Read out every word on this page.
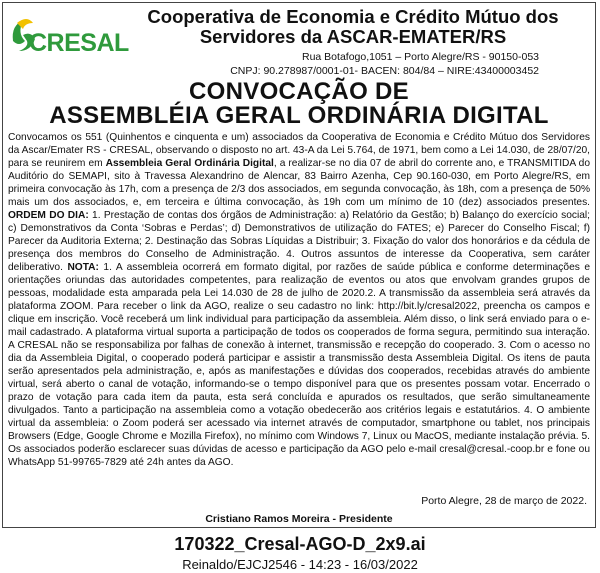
CRESAL

Cooperativa de Economia e Crédito Mútuo dos

Servidores da ASCAR-EMATER/RS

Rua Botafogo,1051 – Porto Alegre/RS - 90150-053
CNPJ: 90.278987/0001-01- BACEN: 804/84 – NIRE:43400003452
CONVOCAÇÃO DE
ASSEMBLÉIA GERAL ORDINÁRIA DIGITAL

Convocamos os 551 (Quinhentos e cinquenta e um) associados da Cooperativa de Economia e Crédito Mútuo dos Servidores da Ascar/Emater RS - CRESAL, observando o disposto no art. 43-A da Lei 5.764, de 1971, bem como a Lei 14.030, de 28/07/20, para se reunirem em Assembleia Geral Ordinária Digital, a realizar-se no dia 07 de abril do corrente ano, e TRANSMITIDA do Auditório do SEMAPI, sito à Travessa Alexandrino de Alencar, 83 Bairro Azenha, Cep 90.160-030, em Porto Alegre/RS, em primeira convocação às 17h, com a presença de 2/3 dos associados, em segunda convocação, às 18h, com a presença de 50% mais um dos associados, e, em terceira e última convocação, às 19h com um mínimo de 10 (dez) associados presentes. ORDEM DO DIA: 1. Prestação de contas dos órgãos de Administração: a) Relatório da Gestão; b) Balanço do exercício social; c) Demonstrativos da Conta ‘Sobras e Perdas’; d) Demonstrativos de utilização do FATES; e) Parecer do Conselho Fiscal; f) Parecer da Auditoria Externa; 2. Destinação das Sobras Líquidas a Distribuir; 3. Fixação do valor dos honorários e da cédula de presença dos membros do Conselho de Administração. 4. Outros assuntos de interesse da Cooperativa, sem caráter deliberativo. NOTA: 1. A assembleia ocorrerá em formato digital, por razões de saúde pública e conforme determinações e orientações oriundas das autoridades competentes, para realização de eventos ou atos que envolvam grandes grupos de pessoas, modalidade esta amparada pela Lei 14.030 de 28 de julho de 2020.2. A transmissão da assembleia será através da plataforma ZOOM. Para receber o link da AGO, realize o seu cadastro no link: http://bit.ly/cresal2022, preencha os campos e clique em inscrição. Você receberá um link individual para participação da assembleia. Além disso, o link será enviado para o e-mail cadastrado. A plataforma virtual suporta a participação de todos os cooperados de forma segura, permitindo sua interação. A CRESAL não se responsabiliza por falhas de conexão à internet, transmissão e recepção do cooperado. 3. Com o acesso no dia da Assembleia Digital, o cooperado poderá participar e assistir a transmissão desta Assembleia Digital. Os itens de pauta serão apresentados pela administração, e, após as manifestações e dúvidas dos cooperados, recebidas através do ambiente virtual, será aberto o canal de votação, informando-se o tempo disponível para que os presentes possam votar. Encerrado o prazo de votação para cada item da pauta, esta será concluída e apurados os resultados, que serão simultaneamente divulgados. Tanto a participação na assembleia como a votação obedecerão aos critérios legais e estatutários. 4. O ambiente virtual da assembleia: o Zoom poderá ser acessado via internet através de computador, smartphone ou tablet, nos principais Browsers (Edge, Google Chrome e Mozilla Firefox), no mínimo com Windows 7, Linux ou MacOS, mediante instalação prévia. 5. Os associados poderão esclarecer suas dúvidas de acesso e participação da AGO pelo e-mail cresal@cresal.-coop.br e fone ou WhatsApp 51-99765-7829 até 24h antes da AGO.

Porto Alegre, 28 de março de 2022.
Cristiano Ramos Moreira - Presidente
170322_Cresal-AGO-D_2x9.ai
Reinaldo/EJCJ2546 - 14:23 - 16/03/2022
